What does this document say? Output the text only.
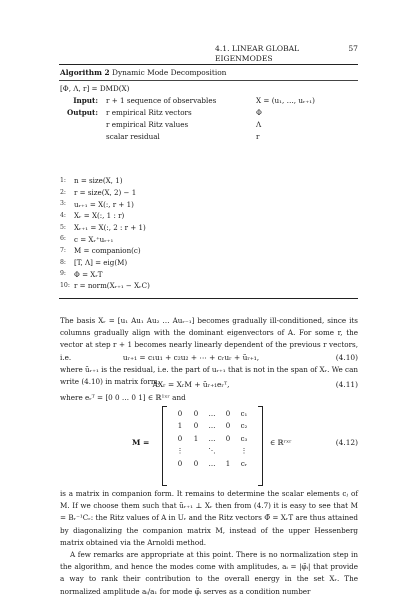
4.1. LINEAR GLOBAL EIGENMODES
57
Algorithm 2 Dynamic Mode Decomposition
[Φ, Λ, r] = DMD(X)
Input:	r + 1 sequence of observables	X = (u₁, …, uᵣ₊₁)
Output:	r empirical Ritz vectors	Φ
r empirical Ritz values	Λ
scalar residual	r
1:	n = size(X, 1)
2:	r = size(X, 2) − 1
3:	uᵣ₊₁ = X(:, r + 1)
4:	Xᵣ = X(:, 1 : r)
5:	Xᵣ₊₁ = X(:, 2 : r + 1)
6:	c = Xᵣ⁺uᵣ₊₁
7:	M = companion(c)
8:	[T, Λ] = eig(M)
9:	Φ = XᵣT
10: r = norm(Xᵣ₊₁ − XᵣC)
The basis Xᵣ = [u₁ Au₁ Au₂ … Auᵣ₋₁] becomes gradually ill-conditioned, since its columns gradually align with the dominant eigenvectors of A. For some r, the vector at step r + 1 becomes nearly linearly dependent of the previous r vectors, i.e.	uᵣ₊₁ = c₁u₁ + c₂u₂ + ⋯ + cᵣuᵣ + ũᵣ₊₁,	(4.10)
where ũᵣ₊₁ is the residual, i.e. the part of uᵣ₊₁ that is not in the span of Xᵣ. We can write (4.10) in matrix form,
AXᵣ = XᵣM + ũᵣ₊₁eᵣᵀ,	(4.11)
where eᵣᵀ = [0 0 … 0 1] ∈ ℝ¹ˣʳ and
M =
0	0	…	0	c₁
1	0	…	0	c₂
0	1	…	0	c₃
⋮	⋱	⋮
0	0	…	1	cᵣ
∈ ℝʳˣʳ	(4.12)
is a matrix in companion form. It remains to determine the scalar elements cⱼ of M. If we choose them such that ũᵣ₊₁ ⊥ Xᵣ then from (4.7) it is easy to see that M = Bᵣ⁻¹Cᵣ: the Ritz values of A in Uᵣ and the Ritz vectors Φ̃ = XᵣT are thus attained by diagonalizing the companion matrix M, instead of the upper Hessenberg matrix obtained via the Arnoldi method.
A few remarks are appropriate at this point. There is no normalization step in the algorithm, and hence the modes come with amplitudes, aᵢ = |φ̃ᵢ| that provide a way to rank their contribution to the overall energy in the set Xᵣ. The normalized amplitude aᵢ/a₁ for mode φ̃ᵢ serves as a condition number
